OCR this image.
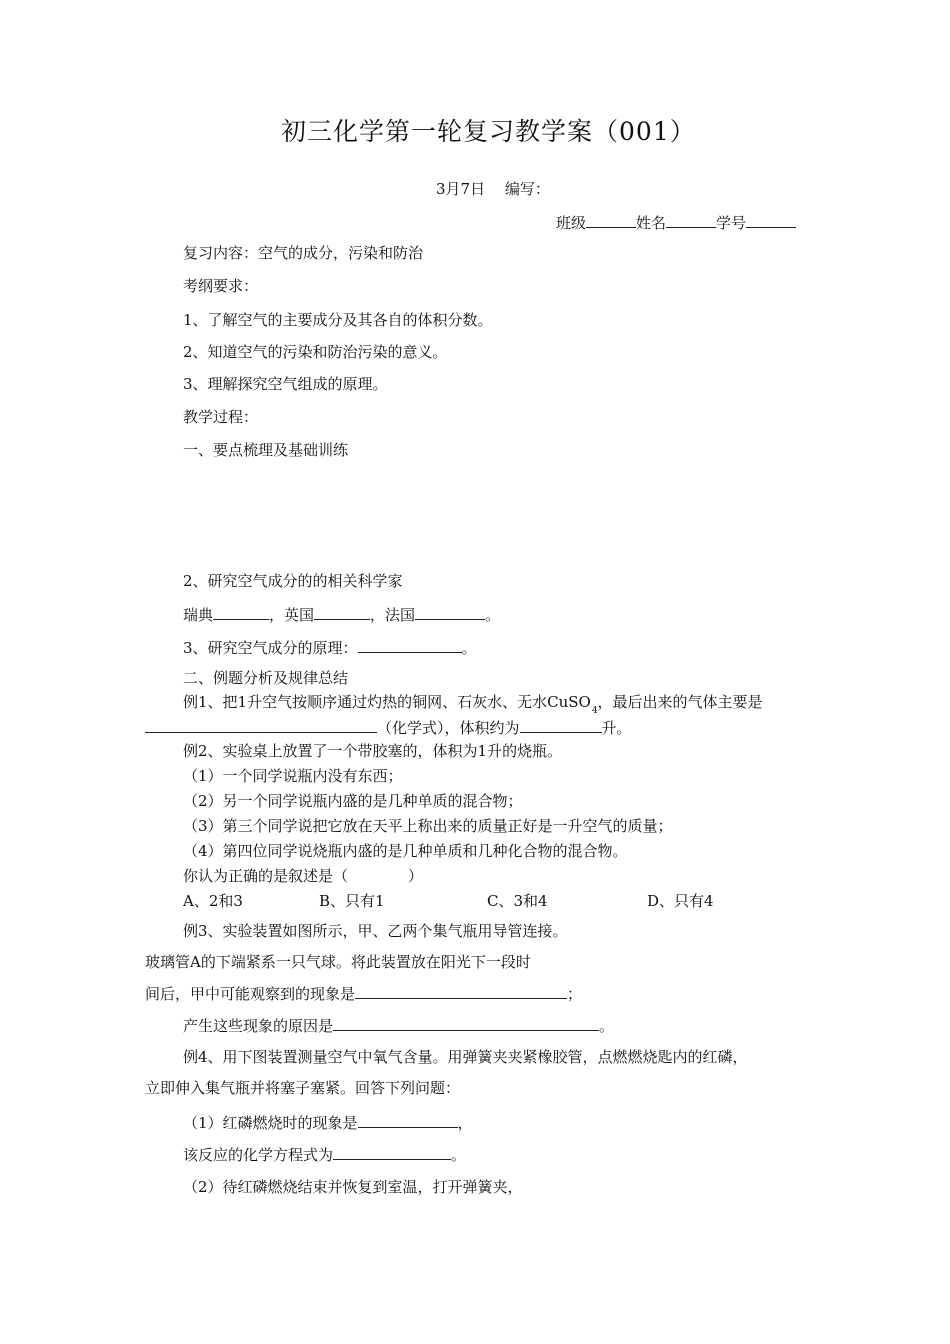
初三化学第一轮复习教学案（001）
3月7日　 编写：
班级	姓名	学号
复习内容：空气的成分，污染和防治
考纲要求：
1、了解空气的主要成分及其各自的体积分数。
2、知道空气的污染和防治污染的意义。
3、理解探究空气组成的原理。
教学过程：
一、要点梳理及基础训练
2、研究空气成分的的相关科学家
瑞典	，英国	，法国	。
3、研究空气成分的原理：	。
二、例题分析及规律总结
例1、把1升空气按顺序通过灼热的铜网、石灰水、无水CuSO$_4$，最后出来的气体主要是
（化学式），体积约为	升。
例2、实验桌上放置了一个带胶塞的，体积为1升的烧瓶。
（1）一个同学说瓶内没有东西；
（2）另一个同学说瓶内盛的是几种单质的混合物；
（3）第三个同学说把它放在天平上称出来的质量正好是一升空气的质量；
（4）第四位同学说烧瓶内盛的是几种单质和几种化合物的混合物。
你认为正确的是叙述是（　　　　）
A、2和3	B、只有1	C、3和4	D、只有4
例3、实验装置如图所示，甲、乙两个集气瓶用导管连接。
玻璃管A的下端紧系一只气球。将此装置放在阳光下一段时
间后，甲中可能观察到的现象是	；
产生这些现象的原因是	。
例4、用下图装置测量空气中氧气含量。用弹簧夹夹紧橡胶管，点燃燃烧匙内的红磷，
立即伸入集气瓶并将塞子塞紧。回答下列问题：
（1）红磷燃烧时的现象是	，
该反应的化学方程式为	。
（2）待红磷燃烧结束并恢复到室温，打开弹簧夹，
